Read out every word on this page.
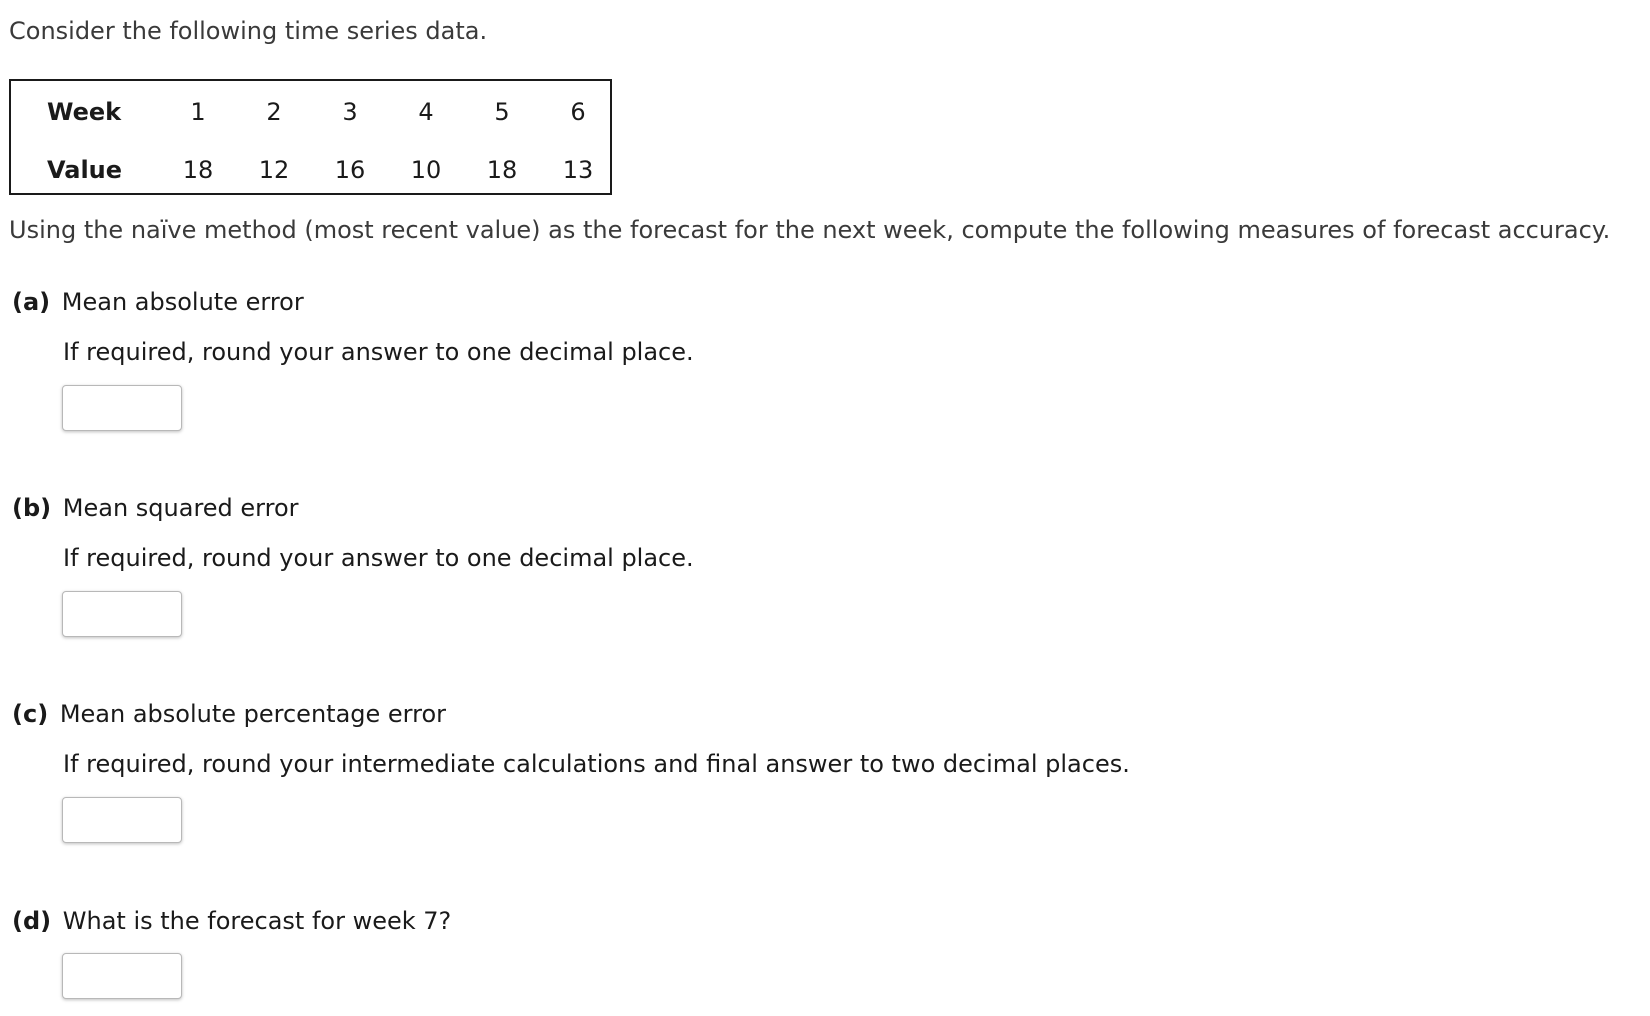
Consider the following time series data.
Week	1	2	3	4	5	6
Value	18	12	16	10	18	13
Using the naïve method (most recent value) as the forecast for the next week, compute the following measures of forecast accuracy.
(a) Mean absolute error
If required, round your answer to one decimal place.
(b) Mean squared error
If required, round your answer to one decimal place.
(c) Mean absolute percentage error
If required, round your intermediate calculations and final answer to two decimal places.
(d) What is the forecast for week 7?
